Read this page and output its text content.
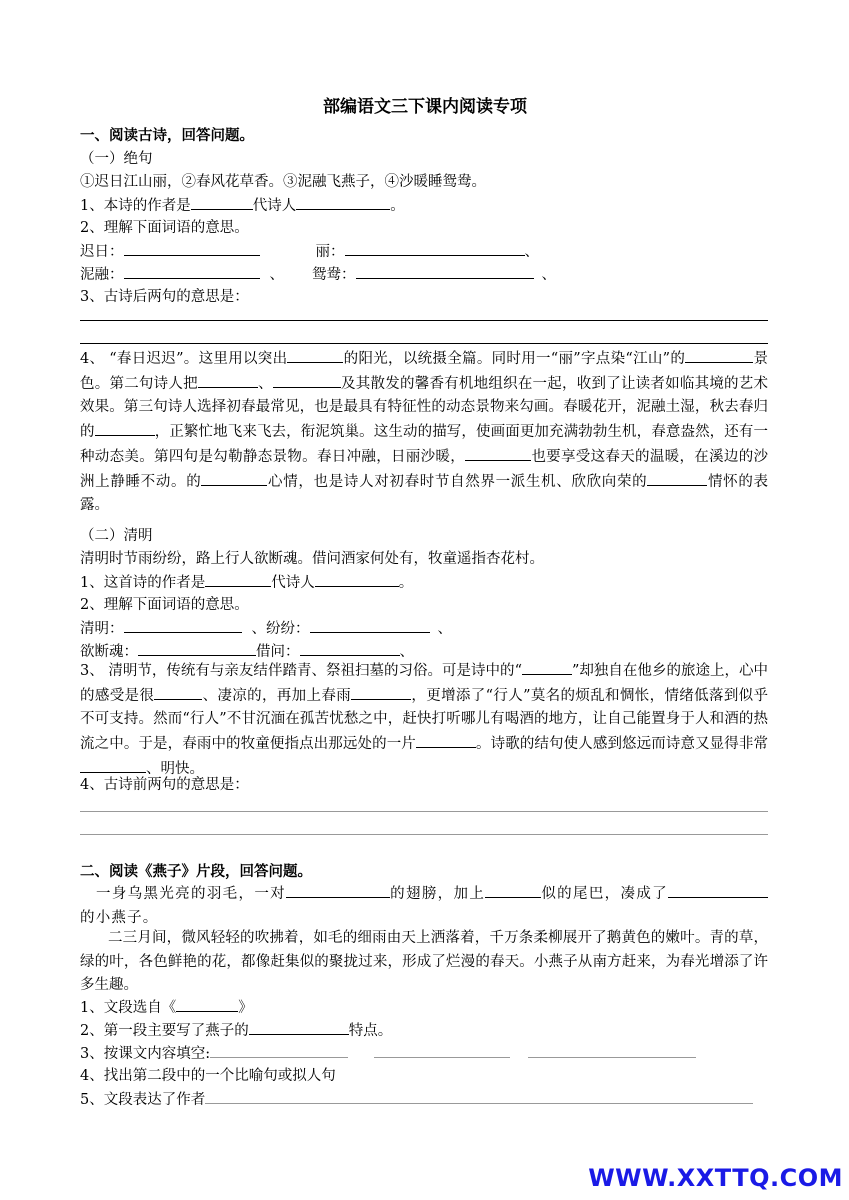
部编语文三下课内阅读专项
一、阅读古诗，回答问题。
（一）绝句
①迟日江山丽，②春风花草香。③泥融飞燕子，④沙暖睡鸳鸯。
1、本诗的作者是	代诗人	。
2、理解下面词语的意思。
迟日：	丽：	、
泥融：	、 鸳鸯：	、
3、古诗后两句的意思是：
4、 “春日迟迟”。这里用以突出	的阳光，以统摄全篇。同时用一“丽”字点染“江山”的	景色。第二句诗人把	、	及其散发的馨香有机地组织在一起，收到了让读者如临其境的艺术效果。第三句诗人选择初春最常见，也是最具有特征性的动态景物来勾画。春暖花开，泥融土湿，秋去春归的	，正繁忙地飞来飞去，衔泥筑巢。这生动的描写，使画面更加充满勃勃生机，春意盎然，还有一种动态美。第四句是勾勒静态景物。春日冲融，日丽沙暖，	也要享受这春天的温暖，在溪边的沙洲上静睡不动。的	心情，也是诗人对初春时节自然界一派生机、欣欣向荣的	情怀的表露。
（二）清明
清明时节雨纷纷，路上行人欲断魂。借问酒家何处有，牧童遥指杏花村。
1、这首诗的作者是	代诗人	。
2、理解下面词语的意思。
清明：	、纷纷：	、
欲断魂：	借问：	、
3、 清明节，传统有与亲友结伴踏青、祭祖扫墓的习俗。可是诗中的“	”却独自在他乡的旅途上，心中的感受是很	、凄凉的，再加上春雨	，更增添了“行人”莫名的烦乱和惆怅，情绪低落到似乎不可支持。然而“行人”不甘沉湎在孤苦忧愁之中，赶快打听哪儿有喝酒的地方，让自己能置身于人和酒的热流之中。于是，春雨中的牧童便指点出那远处的一片	。诗歌的结句使人感到悠远而诗意又显得非常、明快。
4、古诗前两句的意思是：
二、阅读《燕子》片段，回答问题。
一身乌黑光亮的羽毛，一对	的翅膀，加上	似的尾巴，凑成了的小燕子。
二三月间，微风轻轻的吹拂着，如毛的细雨由天上洒落着，千万条柔柳展开了鹅黄色的嫩叶。青的草，绿的叶，各色鲜艳的花，都像赶集似的聚拢过来，形成了烂漫的春天。小燕子从南方赶来，为春光增添了许多生趣。
1、文段选自《	》
2、第一段主要写了燕子的	特点。
3、按课文内容填空:
4、找出第二段中的一个比喻句或拟人句
5、文段表达了作者
WWW.XXTTQ.COM
